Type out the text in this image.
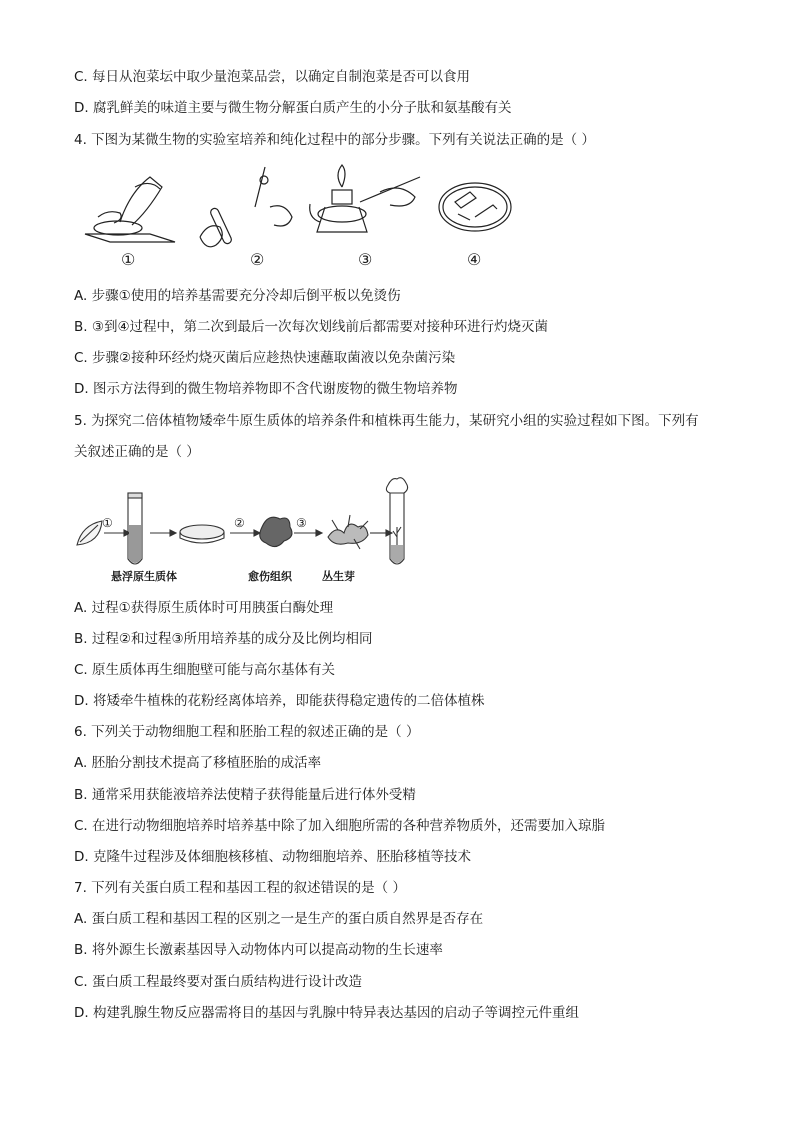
C. 每日从泡菜坛中取少量泡菜品尝，以确定自制泡菜是否可以食用
D. 腐乳鲜美的味道主要与微生物分解蛋白质产生的小分子肽和氨基酸有关
4. 下图为某微生物的实验室培养和纯化过程中的部分步骤。下列有关说法正确的是（ ）
①	②	③	④
A. 步骤①使用的培养基需要充分冷却后倒平板以免烫伤
B. ③到④过程中，第二次到最后一次每次划线前后都需要对接种环进行灼烧灭菌
C. 步骤②接种环经灼烧灭菌后应趁热快速蘸取菌液以免杂菌污染
D. 图示方法得到的微生物培养物即不含代谢废物的微生物培养物
5. 为探究二倍体植物矮牵牛原生质体的培养条件和植株再生能力，某研究小组的实验过程如下图。下列有
关叙述正确的是（ ）
悬浮原生质体	愈伤组织	丛生芽
①	②	③
A. 过程①获得原生质体时可用胰蛋白酶处理
B. 过程②和过程③所用培养基的成分及比例均相同
C. 原生质体再生细胞壁可能与高尔基体有关
D. 将矮牵牛植株的花粉经离体培养，即能获得稳定遗传的二倍体植株
6. 下列关于动物细胞工程和胚胎工程的叙述正确的是（ ）
A. 胚胎分割技术提高了移植胚胎的成活率
B. 通常采用获能液培养法使精子获得能量后进行体外受精
C. 在进行动物细胞培养时培养基中除了加入细胞所需的各种营养物质外，还需要加入琼脂
D. 克隆牛过程涉及体细胞核移植、动物细胞培养、胚胎移植等技术
7. 下列有关蛋白质工程和基因工程的叙述错误的是（ ）
A. 蛋白质工程和基因工程的区别之一是生产的蛋白质自然界是否存在
B. 将外源生长激素基因导入动物体内可以提高动物的生长速率
C. 蛋白质工程最终要对蛋白质结构进行设计改造
D. 构建乳腺生物反应器需将目的基因与乳腺中特异表达基因的启动子等调控元件重组
